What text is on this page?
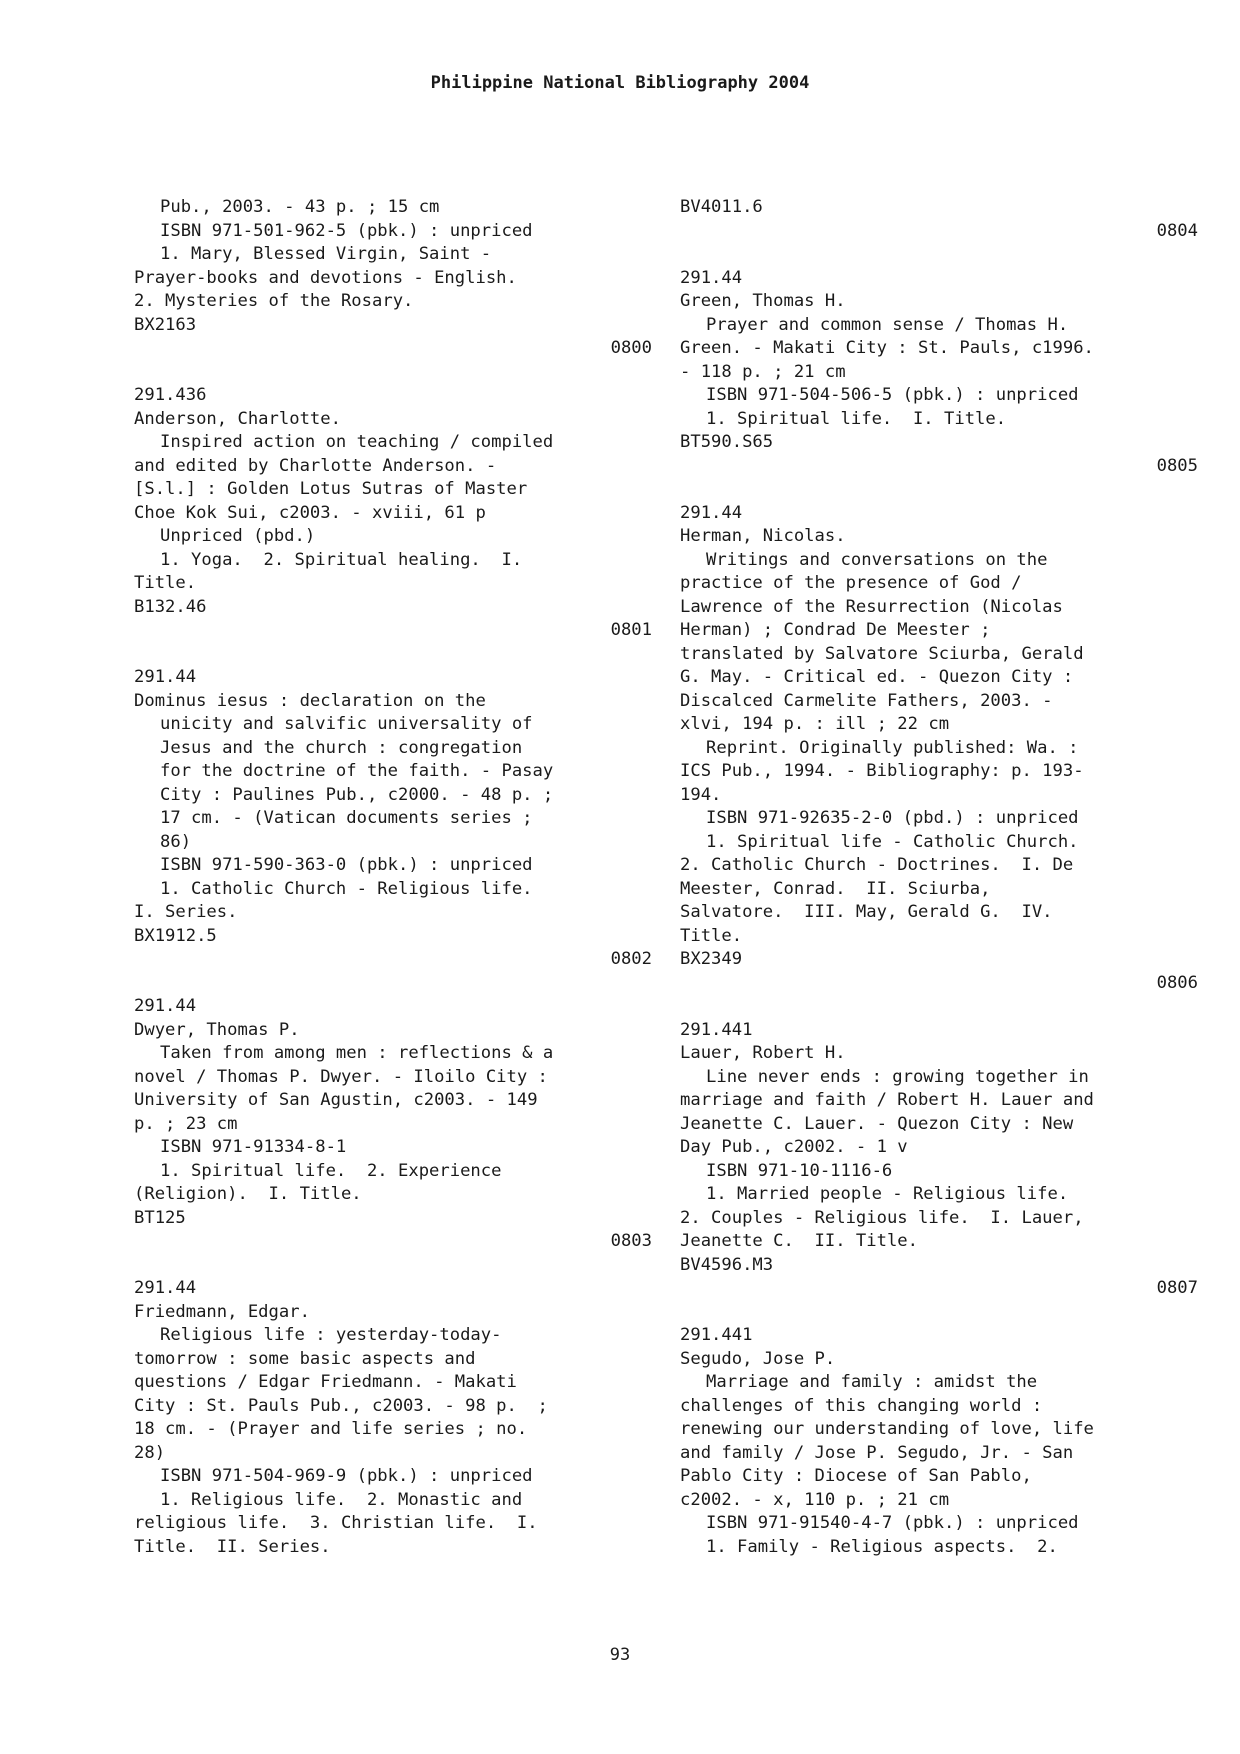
Philippine National Bibliography 2004
Pub., 2003. - 43 p. ; 15 cm
ISBN 971-501-962-5 (pbk.) : unpriced
1. Mary, Blessed Virgin, Saint -
Prayer-books and devotions - English.
2. Mysteries of the Rosary.
BX2163
0800
291.436
Anderson, Charlotte.
Inspired action on teaching / compiled
and edited by Charlotte Anderson. -
[S.l.] : Golden Lotus Sutras of Master
Choe Kok Sui, c2003. - xviii, 61 p
Unpriced (pbd.)
1. Yoga.  2. Spiritual healing.  I.
Title.
B132.46
0801
291.44
Dominus iesus : declaration on the
unicity and salvific universality of
Jesus and the church : congregation
for the doctrine of the faith. - Pasay
City : Paulines Pub., c2000. - 48 p. ;
17 cm. - (Vatican documents series ;
86)
ISBN 971-590-363-0 (pbk.) : unpriced
1. Catholic Church - Religious life.
I. Series.
BX1912.5
0802
291.44
Dwyer, Thomas P.
Taken from among men : reflections & a
novel / Thomas P. Dwyer. - Iloilo City :
University of San Agustin, c2003. - 149
p. ; 23 cm
ISBN 971-91334-8-1
1. Spiritual life.  2. Experience
(Religion).  I. Title.
BT125
0803
291.44
Friedmann, Edgar.
Religious life : yesterday-today-
tomorrow : some basic aspects and
questions / Edgar Friedmann. - Makati
City : St. Pauls Pub., c2003. - 98 p.  ;
18 cm. - (Prayer and life series ; no.
28)
ISBN 971-504-969-9 (pbk.) : unpriced
1. Religious life.  2. Monastic and
religious life.  3. Christian life.  I.
Title.  II. Series.
BV4011.6
0804
291.44
Green, Thomas H.
Prayer and common sense / Thomas H.
Green. - Makati City : St. Pauls, c1996.
- 118 p. ; 21 cm
ISBN 971-504-506-5 (pbk.) : unpriced
1. Spiritual life.  I. Title.
BT590.S65
0805
291.44
Herman, Nicolas.
Writings and conversations on the
practice of the presence of God /
Lawrence of the Resurrection (Nicolas
Herman) ; Condrad De Meester ;
translated by Salvatore Sciurba, Gerald
G. May. - Critical ed. - Quezon City :
Discalced Carmelite Fathers, 2003. -
xlvi, 194 p. : ill ; 22 cm
Reprint. Originally published: Wa. :
ICS Pub., 1994. - Bibliography: p. 193-
194.
ISBN 971-92635-2-0 (pbd.) : unpriced
1. Spiritual life - Catholic Church.
2. Catholic Church - Doctrines.  I. De
Meester, Conrad.  II. Sciurba,
Salvatore.  III. May, Gerald G.  IV.
Title.
BX2349
0806
291.441
Lauer, Robert H.
Line never ends : growing together in
marriage and faith / Robert H. Lauer and
Jeanette C. Lauer. - Quezon City : New
Day Pub., c2002. - 1 v
ISBN 971-10-1116-6
1. Married people - Religious life.
2. Couples - Religious life.  I. Lauer,
Jeanette C.  II. Title.
BV4596.M3
0807
291.441
Segudo, Jose P.
Marriage and family : amidst the
challenges of this changing world :
renewing our understanding of love, life
and family / Jose P. Segudo, Jr. - San
Pablo City : Diocese of San Pablo,
c2002. - x, 110 p. ; 21 cm
ISBN 971-91540-4-7 (pbk.) : unpriced
1. Family - Religious aspects.  2.
93
